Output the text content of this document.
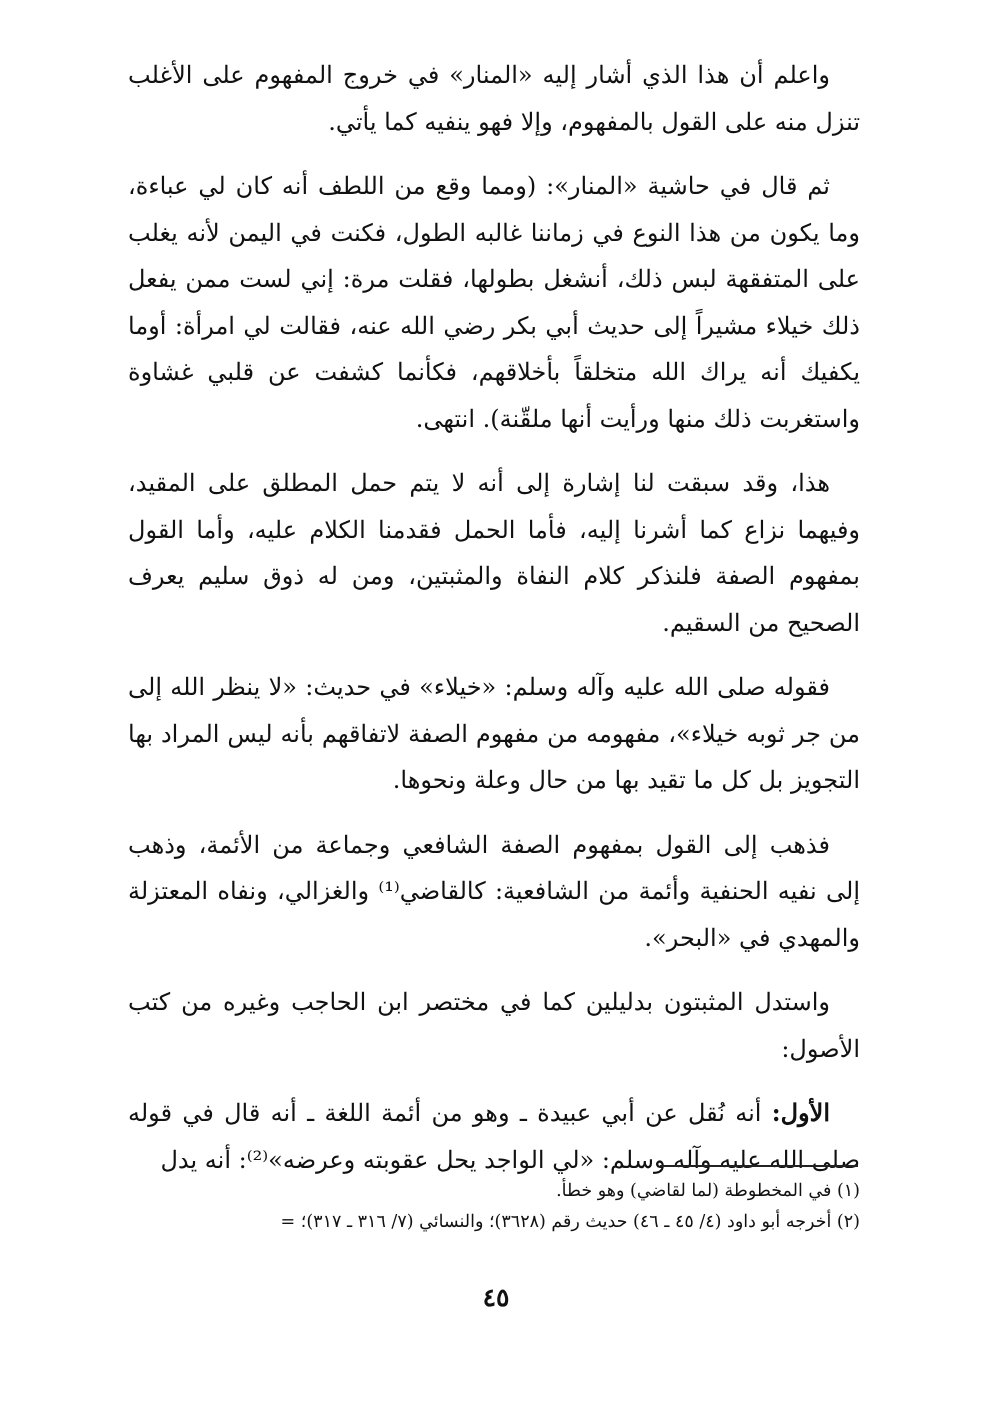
واعلم أن هذا الذي أشار إليه «المنار» في خروج المفهوم على الأغلب تنزل منه على القول بالمفهوم، وإلا فهو ينفيه كما يأتي.

ثم قال في حاشية «المنار»: (ومما وقع من اللطف أنه كان لي عباءة، وما يكون من هذا النوع في زماننا غالبه الطول، فكنت في اليمن لأنه يغلب على المتفقهة لبس ذلك، أنشغل بطولها، فقلت مرة: إني لست ممن يفعل ذلك خيلاء مشيراً إلى حديث أبي بكر رضي الله عنه، فقالت لي امرأة: أوما يكفيك أنه يراك الله متخلقاً بأخلاقهم، فكأنما كشفت عن قلبي غشاوة واستغربت ذلك منها ورأيت أنها ملقّنة). انتهى.

هذا، وقد سبقت لنا إشارة إلى أنه لا يتم حمل المطلق على المقيد، وفيهما نزاع كما أشرنا إليه، فأما الحمل فقدمنا الكلام عليه، وأما القول بمفهوم الصفة فلنذكر كلام النفاة والمثبتين، ومن له ذوق سليم يعرف الصحيح من السقيم.

فقوله صلى الله عليه وآله وسلم: «خيلاء» في حديث: «لا ينظر الله إلى من جر ثوبه خيلاء»، مفهومه من مفهوم الصفة لاتفاقهم بأنه ليس المراد بها التجويز بل كل ما تقيد بها من حال وعلة ونحوها.

فذهب إلى القول بمفهوم الصفة الشافعي وجماعة من الأئمة، وذهب إلى نفيه الحنفية وأئمة من الشافعية: كالقاضي⁽¹⁾ والغزالي، ونفاه المعتزلة والمهدي في «البحر».

واستدل المثبتون بدليلين كما في مختصر ابن الحاجب وغيره من كتب الأصول:

الأول: أنه نُقل عن أبي عبيدة ـ وهو من أئمة اللغة ـ أنه قال في قوله صلى الله عليه وآله وسلم: «لي الواجد يحل عقوبته وعرضه»⁽²⁾: أنه يدل

(١) في المخطوطة (لما لقاضي) وهو خطأ.
(٢) أخرجه أبو داود (٤/ ٤٥ ـ ٤٦) حديث رقم (٣٦٢٨)؛ والنسائي (٧/ ٣١٦ ـ ٣١٧)؛ =
٤٥
